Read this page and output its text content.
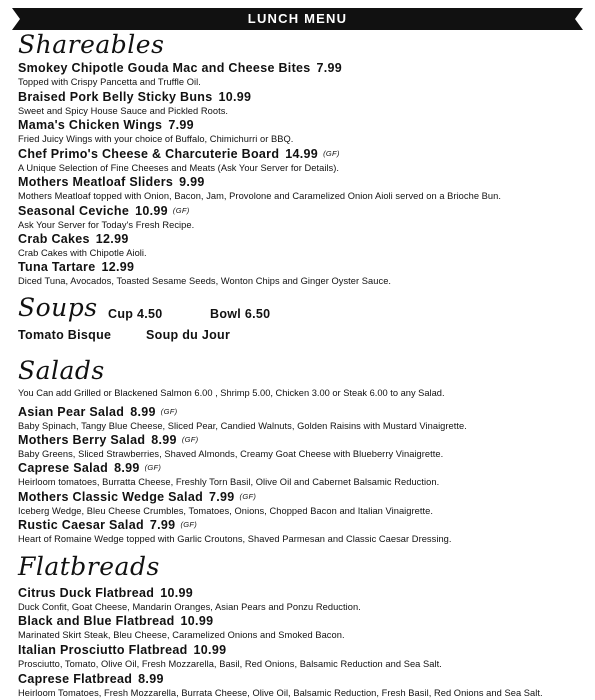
LUNCH MENU
Shareables
Smokey Chipotle Gouda Mac and Cheese Bites 7.99
Topped with Crispy Pancetta and Truffle Oil.
Braised Pork Belly Sticky Buns 10.99
Sweet and Spicy House Sauce and Pickled Roots.
Mama's Chicken Wings 7.99
Fried Juicy Wings with your choice of Buffalo, Chimichurri or BBQ.
Chef Primo's Cheese & Charcuterie Board 14.99 (GF)
A Unique Selection of Fine Cheeses and Meats (Ask Your Server for Details).
Mothers Meatloaf Sliders 9.99
Mothers Meatloaf topped with Onion, Bacon, Jam, Provolone and Caramelized Onion Aioli served on a Brioche Bun.
Seasonal Ceviche 10.99 (GF)
Ask Your Server for Today's Fresh Recipe.
Crab Cakes 12.99
Crab Cakes with Chipotle Aioli.
Tuna Tartare 12.99
Diced Tuna, Avocados, Toasted Sesame Seeds, Wonton Chips and Ginger Oyster Sauce.
Soups Cup 4.50	Bowl 6.50
Tomato Bisque	Soup du Jour
Salads
You Can add Grilled or Blackened Salmon 6.00 , Shrimp 5.00, Chicken 3.00 or Steak 6.00 to any Salad.
Asian Pear Salad 8.99 (GF)
Baby Spinach, Tangy Blue Cheese, Sliced Pear, Candied Walnuts, Golden Raisins with Mustard Vinaigrette.
Mothers Berry Salad 8.99 (GF)
Baby Greens, Sliced Strawberries, Shaved Almonds, Creamy Goat Cheese with Blueberry Vinaigrette.
Caprese Salad 8.99 (GF)
Heirloom tomatoes, Burratta Cheese, Freshly Torn Basil, Olive Oil and Cabernet Balsamic Reduction.
Mothers Classic Wedge Salad 7.99 (GF)
Iceberg Wedge, Bleu Cheese Crumbles, Tomatoes, Onions, Chopped Bacon and Italian Vinaigrette.
Rustic Caesar Salad 7.99 (GF)
Heart of Romaine Wedge topped with Garlic Croutons, Shaved Parmesan and Classic Caesar Dressing.
Flatbreads
Citrus Duck Flatbread 10.99
Duck Confit, Goat Cheese, Mandarin Oranges, Asian Pears and Ponzu Reduction.
Black and Blue Flatbread 10.99
Marinated Skirt Steak, Bleu Cheese, Caramelized Onions and Smoked Bacon.
Italian Prosciutto Flatbread 10.99
Prosciutto, Tomato, Olive Oil, Fresh Mozzarella, Basil, Red Onions, Balsamic Reduction and Sea Salt.
Caprese Flatbread 8.99
Heirloom Tomatoes, Fresh Mozzarella, Burrata Cheese, Olive Oil, Balsamic Reduction, Fresh Basil, Red Onions and Sea Salt.
